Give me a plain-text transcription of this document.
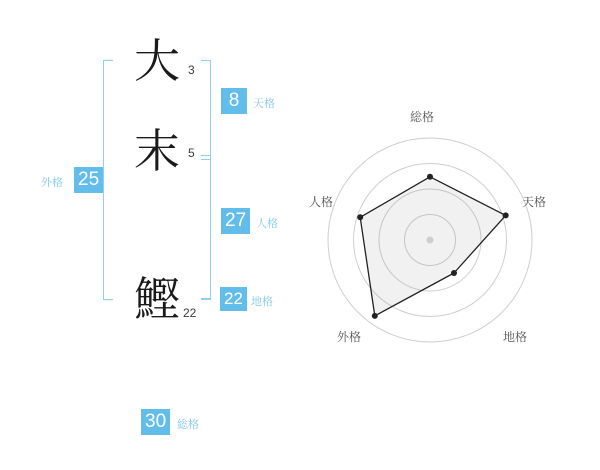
大 3
末 5
鰹 22
8	天格
27 人格
22 地格
外格 25
30 総格
総格
天格
地格
外格
人格
